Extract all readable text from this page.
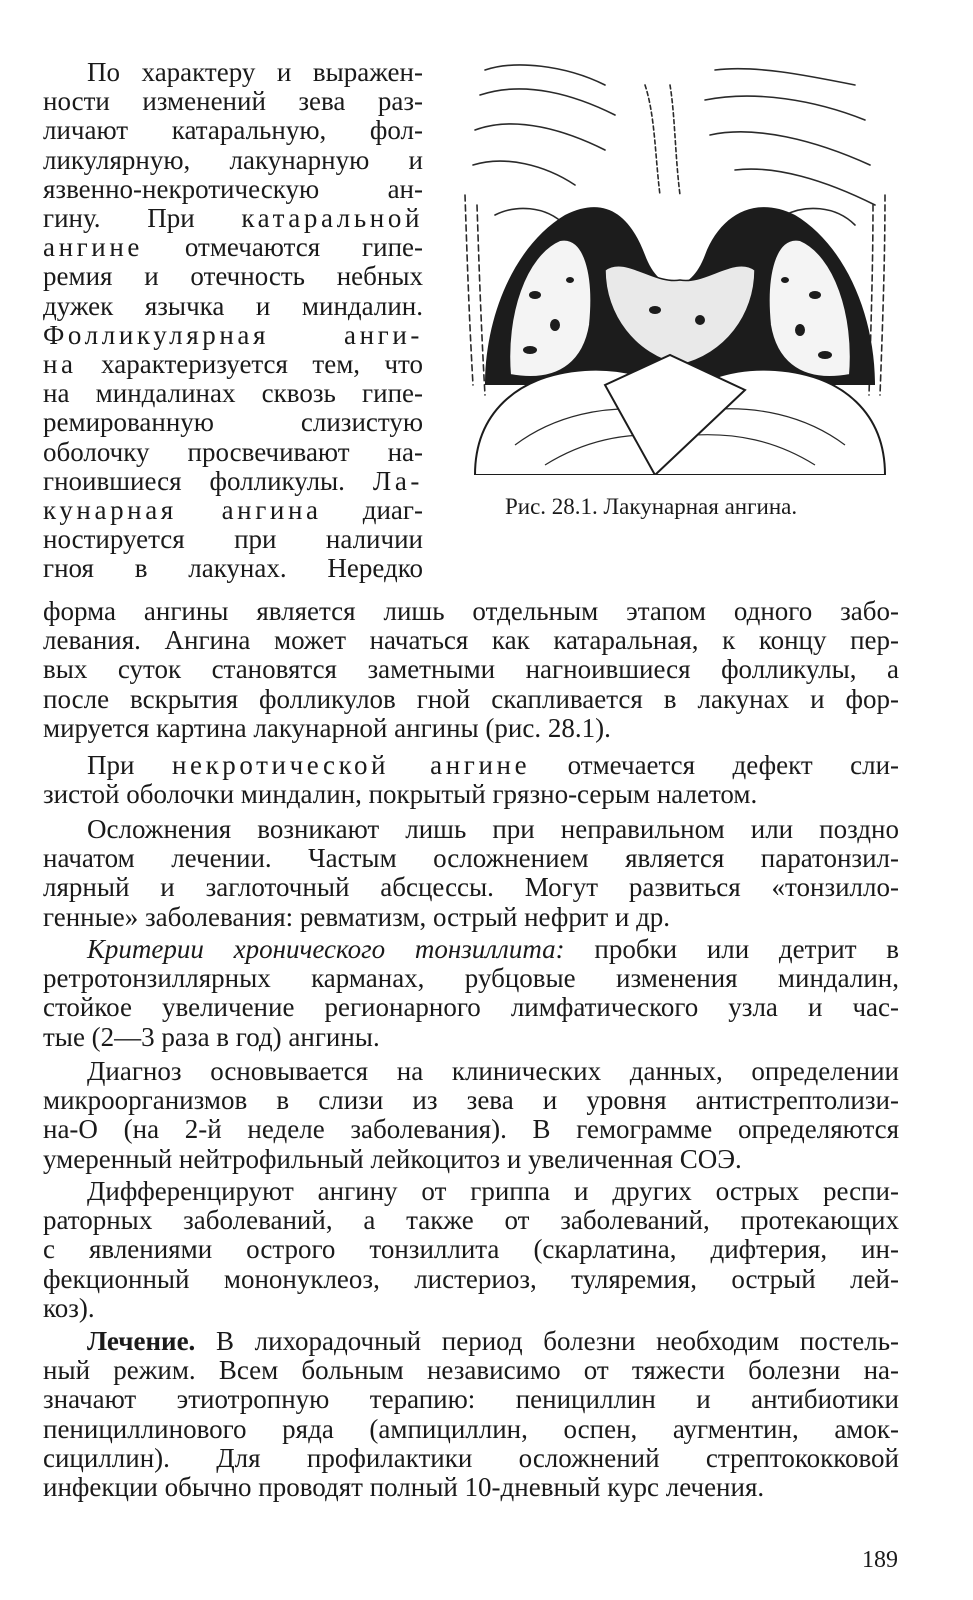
По характеру и выражен-
ности изменений зева раз-
личают катаральную, фол-
ликулярную, лакунарную и
язвенно-некротическую ан-
гину. При катаральной
ангине отмечаются гипе-
ремия и отечность небных
дужек язычка и миндалин.
Фолликулярная анги-
на характеризуется тем, что
на миндалинах сквозь гипе-
ремированную слизистую
оболочку просвечивают на-
гноившиеся фолликулы. Ла-
кунарная ангина диаг-
ностируется при наличии
гноя в лакунах. Нередко
Рис. 28.1. Лакунарная ангина.
форма ангины является лишь отдельным этапом одного забо-
левания. Ангина может начаться как катаральная, к концу пер-
вых суток становятся заметными нагноившиеся фолликулы, а
после вскрытия фолликулов гной скапливается в лакунах и фор-
мируется картина лакунарной ангины (рис. 28.1).
При некротической ангине отмечается дефект сли-
зистой оболочки миндалин, покрытый грязно-серым налетом.
Осложнения возникают лишь при неправильном или поздно
начатом лечении. Частым осложнением является паратонзил-
лярный и заглоточный абсцессы. Могут развиться «тонзилло-
генные» заболевания: ревматизм, острый нефрит и др.
Критерии хронического тонзиллита: пробки или детрит в
ретротонзиллярных карманах, рубцовые изменения миндалин,
стойкое увеличение регионарного лимфатического узла и час-
тые (2—3 раза в год) ангины.
Диагноз основывается на клинических данных, определении
микроорганизмов в слизи из зева и уровня антистрептолизи-
на-О (на 2-й неделе заболевания). В гемограмме определяются
умеренный нейтрофильный лейкоцитоз и увеличенная СОЭ.
Дифференцируют ангину от гриппа и других острых респи-
раторных заболеваний, а также от заболеваний, протекающих
с явлениями острого тонзиллита (скарлатина, дифтерия, ин-
фекционный мононуклеоз, листериоз, туляремия, острый лей-
коз).
Лечение. В лихорадочный период болезни необходим постель-
ный режим. Всем больным независимо от тяжести болезни на-
значают этиотропную терапию: пенициллин и антибиотики
пенициллинового ряда (ампициллин, оспен, аугментин, амок-
сициллин). Для профилактики осложнений стрептококковой
инфекции обычно проводят полный 10-дневный курс лечения.
189
